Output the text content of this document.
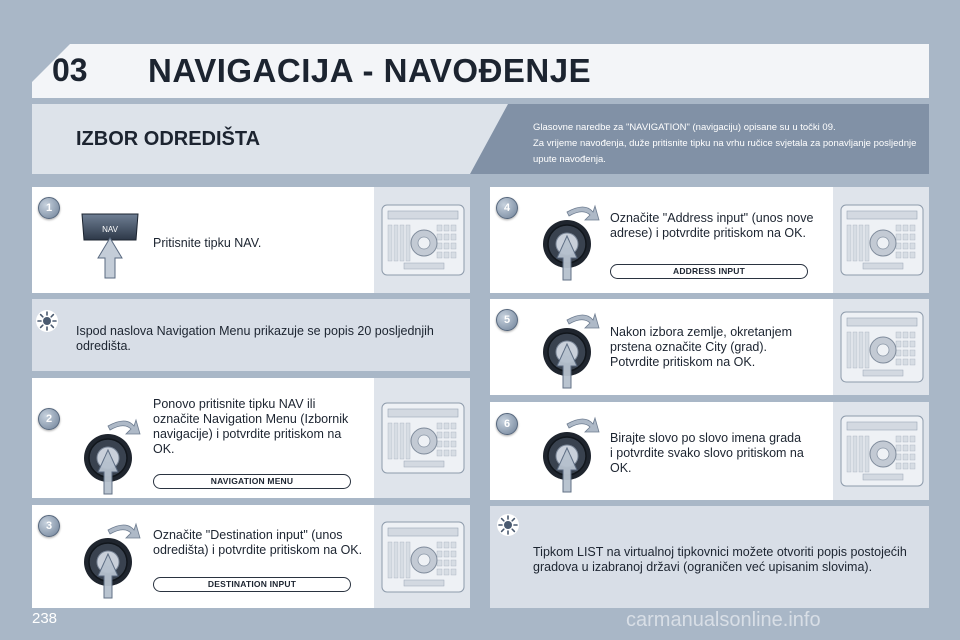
03	NAVIGACIJA - NAVOĐENJE
IZBOR ODREDIŠTA
Glasovne naredbe za "NAVIGATION" (navigaciju) opisane su u točki 09.
Za vrijeme navođenja, duže pritisnite tipku na vrhu ručice svjetala za ponavljanje posljednje
upute navođenja.
1
NAV
Pritisnite tipku NAV.
Ispod naslova Navigation Menu prikazuje se popis 20 posljednjih
odredišta.
2
Ponovo pritisnite tipku NAV ili
označite Navigation Menu (Izbornik
navigacije) i potvrdite pritiskom na
OK.
NAVIGATION MENU
3
Označite "Destination input" (unos
odredišta) i potvrdite pritiskom na OK.
DESTINATION INPUT
4
Označite "Address input" (unos nove
adrese) i potvrdite pritiskom na OK.
ADDRESS INPUT
5
Nakon izbora zemlje, okretanjem
prstena označite City (grad).
Potvrdite pritiskom na OK.
6
Birajte slovo po slovo imena grada
i potvrdite svako slovo pritiskom na
OK.
Tipkom LIST na virtualnoj tipkovnici možete otvoriti popis postojećih
gradova u izabranoj državi (ograničen već upisanim slovima).
238	carmanualsonline.info
